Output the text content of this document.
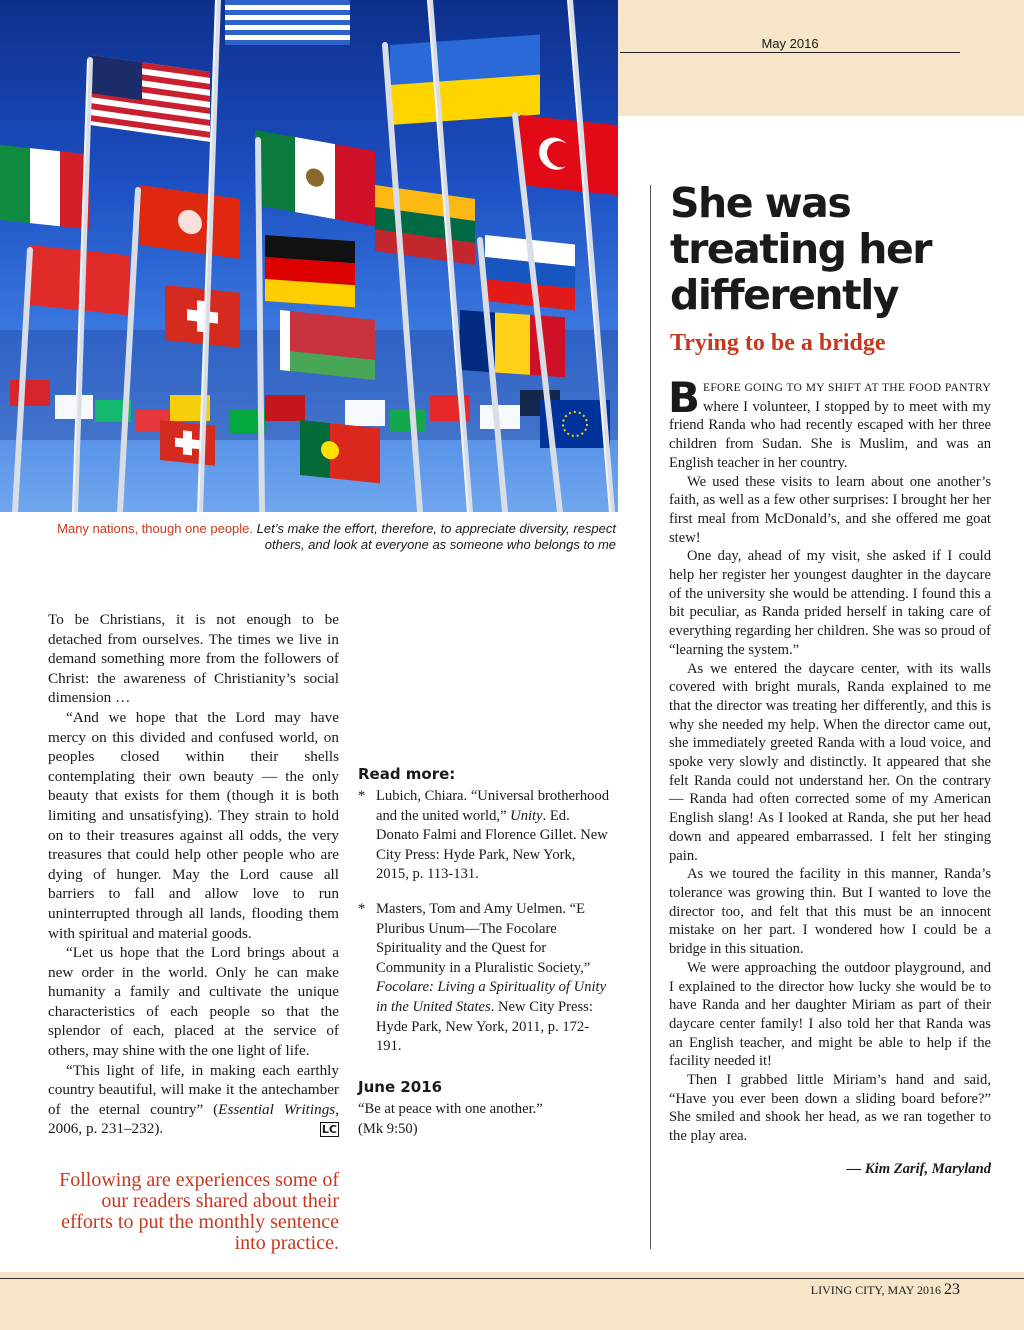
May 2016
Many nations, though one people. Let’s make the effort, therefore, to appreciate diversity, respect others, and look at everyone as someone who belongs to me
She was treating her differently
Trying to be a bridge

BEFORE GOING TO MY SHIFT AT THE FOOD PANTRY where I volunteer, I stopped by to meet with my friend Randa who had recently escaped with her three children from Sudan. She is Muslim, and was an English teacher in her country.

We used these visits to learn about one another’s faith, as well as a few other surprises: I brought her her first meal from McDonald’s, and she offered me goat stew!

One day, ahead of my visit, she asked if I could help her register her youngest daughter in the daycare of the university she would be attending. I found this a bit peculiar, as Randa prided herself in taking care of everything regarding her children. She was so proud of “learning the system.”

As we entered the daycare center, with its walls covered with bright murals, Randa explained to me that the director was treating her differently, and this is why she needed my help. When the director came out, she immediately greeted Randa with a loud voice, and spoke very slowly and distinctly. It appeared that she felt Randa could not understand her. On the contrary — Randa had often corrected some of my American English slang! As I looked at Randa, she put her head down and appeared embarrassed. I felt her stinging pain.

As we toured the facility in this manner, Randa’s tolerance was growing thin. But I wanted to love the director too, and felt that this must be an innocent mistake on her part. I wondered how I could be a bridge in this situation.

We were approaching the outdoor playground, and I explained to the director how lucky she would be to have Randa and her daughter Miriam as part of their daycare center family! I also told her that Randa was an English teacher, and might be able to help if the facility needed it!

Then I grabbed little Miriam’s hand and said, “Have you ever been down a sliding board before?” She smiled and shook her head, as we ran together to the play area.

— Kim Zarif, Maryland

To be Christians, it is not enough to be detached from ourselves. The times we live in demand something more from the followers of Christ: the awareness of Christianity’s social dimension …

“And we hope that the Lord may have mercy on this divided and confused world, on peoples closed within their shells contemplating their own beauty — the only beauty that exists for them (though it is both limiting and unsatisfying). They strain to hold on to their treasures against all odds, the very treasures that could help other people who are dying of hunger. May the Lord cause all barriers to fall and allow love to run uninterrupted through all lands, flooding them with spiritual and material goods.

“Let us hope that the Lord brings about a new order in the world. Only he can make humanity a family and cultivate the unique characteristics of each people so that the splendor of each, placed at the service of others, may shine with the one light of life.

“This light of life, in making each earthly country beautiful, will make it the antechamber of the eternal country” (Essential Writings, 2006, p. 231–232).	LC

Following are experiences some of our readers shared about their efforts to put the monthly sentence into practice.
Read more:
* Lubich, Chiara. “Universal brotherhood and the united world,” Unity. Ed. Donato Falmi and Florence Gillet. New City Press: Hyde Park, New York, 2015, p. 113-131.
* Masters, Tom and Amy Uelmen. “E Pluribus Unum—The Focolare Spirituality and the Quest for Community in a Pluralistic Society,” Focolare: Living a Spirituality of Unity in the United States. New City Press: Hyde Park, New York, 2011, p. 172-191.
June 2016
“Be at peace with one another.”
(Mk 9:50)
LIVING CITY, MAY 2016 23
